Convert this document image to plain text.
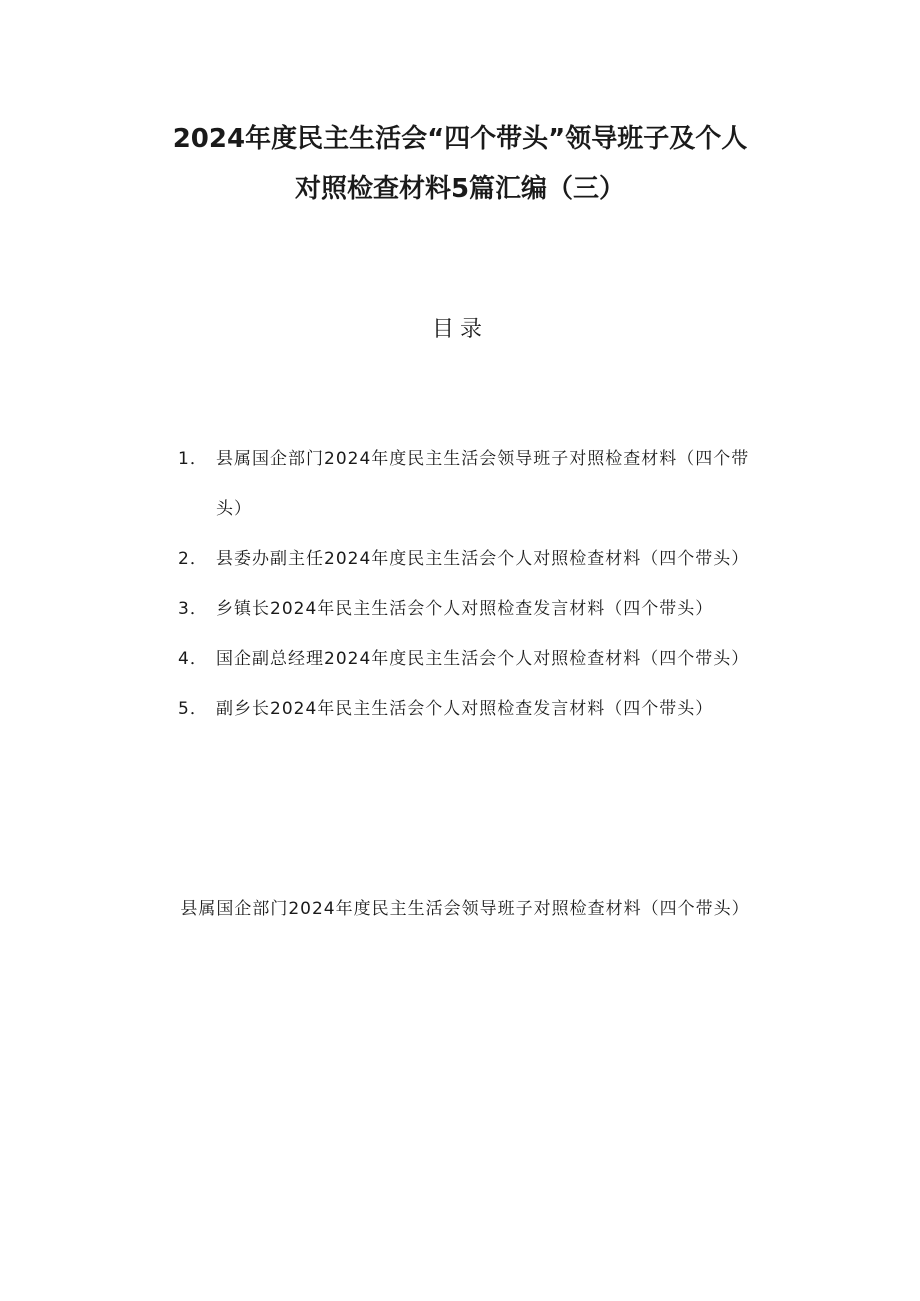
2024年度民主生活会“四个带头”领导班子及个人
对照检查材料5篇汇编（三）
目录
1． 县属国企部门2024年度民主生活会领导班子对照检查材料（四个带头）
2． 县委办副主任2024年度民主生活会个人对照检查材料（四个带头）
3． 乡镇长2024年民主生活会个人对照检查发言材料（四个带头）
4． 国企副总经理2024年度民主生活会个人对照检查材料（四个带头）
5． 副乡长2024年民主生活会个人对照检查发言材料（四个带头）
县属国企部门2024年度民主生活会领导班子对照检查材料（四个带头）
